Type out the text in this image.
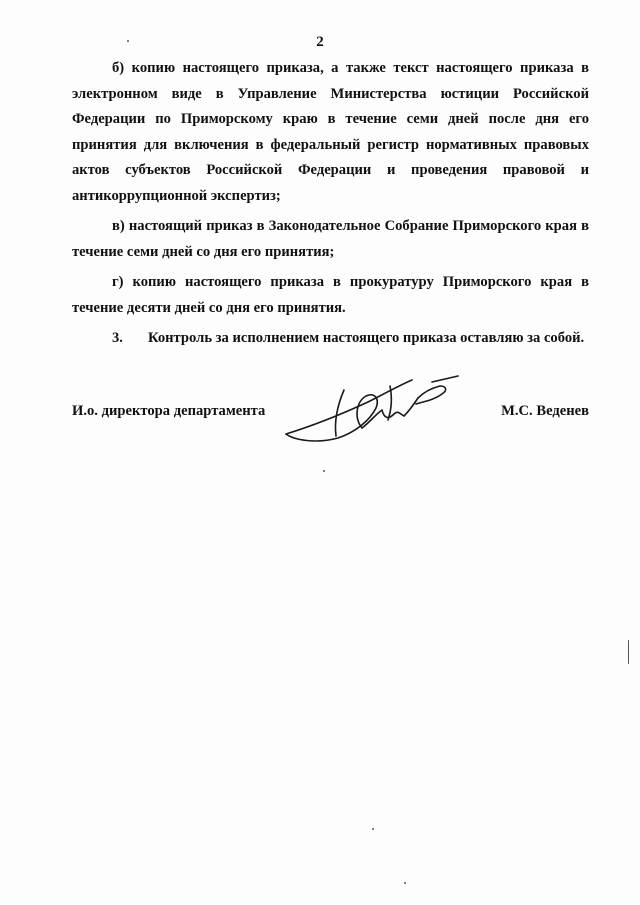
2

б) копию настоящего приказа, а также текст настоящего приказа в электронном виде в Управление Министерства юстиции Российской Федерации по Приморскому краю в течение семи дней после дня его принятия для включения в федеральный регистр нормативных правовых актов субъектов Российской Федерации и проведения правовой и антикоррупционной экспертиз;

в) настоящий приказ в Законодательное Собрание Приморского края в течение семи дней со дня его принятия;

г) копию настоящего приказа в прокуратуру Приморского края в течение десяти дней со дня его принятия.

3. Контроль за исполнением настоящего приказа оставляю за собой.

И.о. директора департамента	М.С. Веденев
